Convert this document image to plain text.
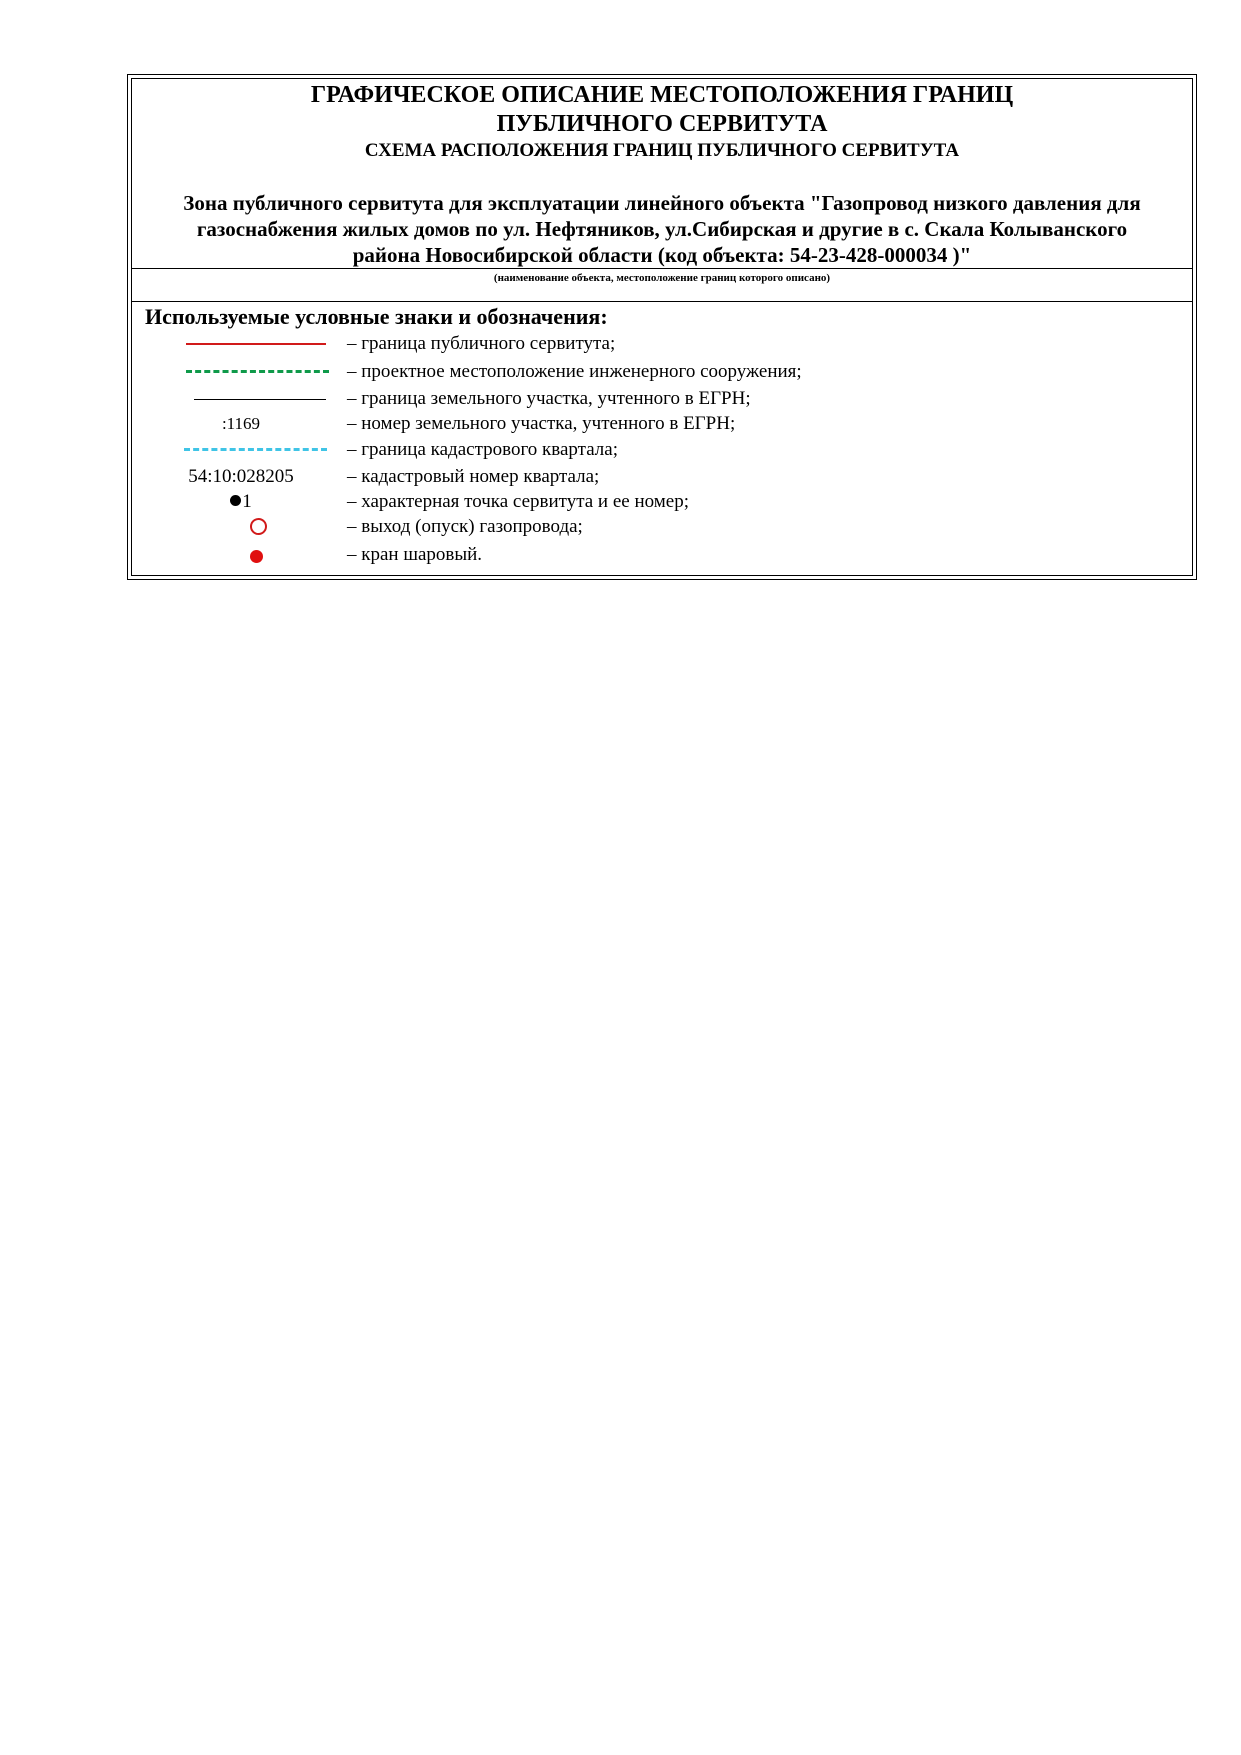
ГРАФИЧЕСКОЕ ОПИСАНИЕ МЕСТОПОЛОЖЕНИЯ ГРАНИЦ

ПУБЛИЧНОГО СЕРВИТУТА

СХЕМА РАСПОЛОЖЕНИЯ ГРАНИЦ ПУБЛИЧНОГО СЕРВИТУТА

Зона публичного сервитута для эксплуатации линейного объекта "Газопровод низкого давления для газоснабжения жилых домов по ул. Нефтяников, ул.Сибирская и другие в с. Скала Колыванского района Новосибирской области (код объекта: 54-23-428-000034 )"

(наименование объекта, местоположение границ которого описано)
Используемые условные знаки и обозначения:
– граница публичного сервитута;
– проектное местоположение инженерного сооружения;
– граница земельного участка, учтенного в ЕГРН;
:1169	– номер земельного участка, учтенного в ЕГРН;
– граница кадастрового квартала;
54:10:028205	– кадастровый номер квартала;
1	– характерная точка сервитута и ее номер;
– выход (опуск) газопровода;
– кран шаровый.
